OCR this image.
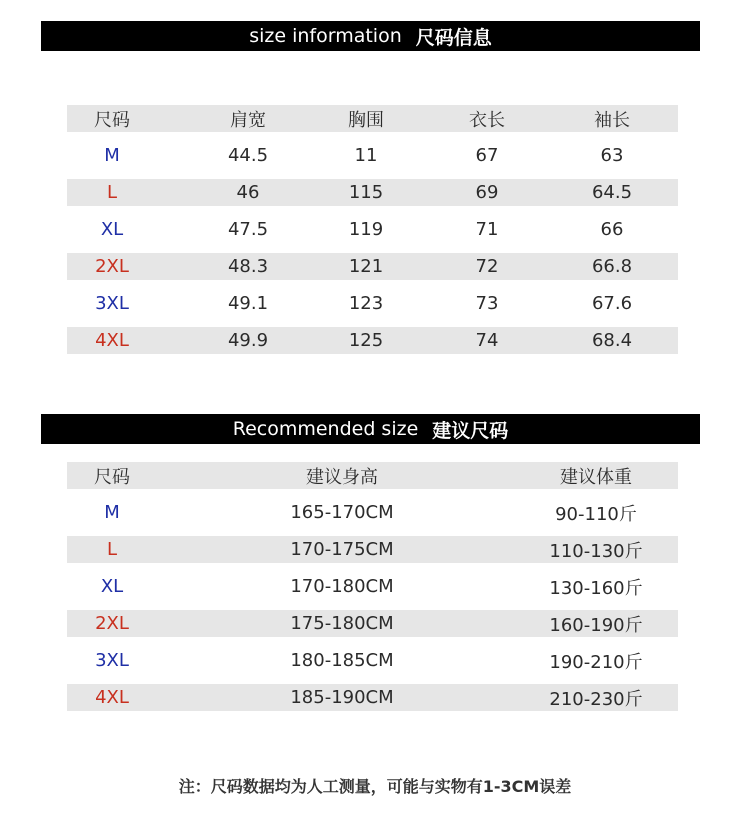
size information 尺码信息
尺码	肩宽	胸围	衣长	袖长
M	44.5	11	67	63
L	46	115	69	64.5
XL	47.5	119	71	66
2XL	48.3	121	72	66.8
3XL	49.1	123	73	67.6
4XL	49.9	125	74	68.4
Recommended size 建议尺码
尺码	建议身高	建议体重
M	165-170CM	90-110斤
L	170-175CM	110-130斤
XL	170-180CM	130-160斤
2XL	175-180CM	160-190斤
3XL	180-185CM	190-210斤
4XL	185-190CM	210-230斤
注：尺码数据均为人工测量，可能与实物有1-3CM误差
